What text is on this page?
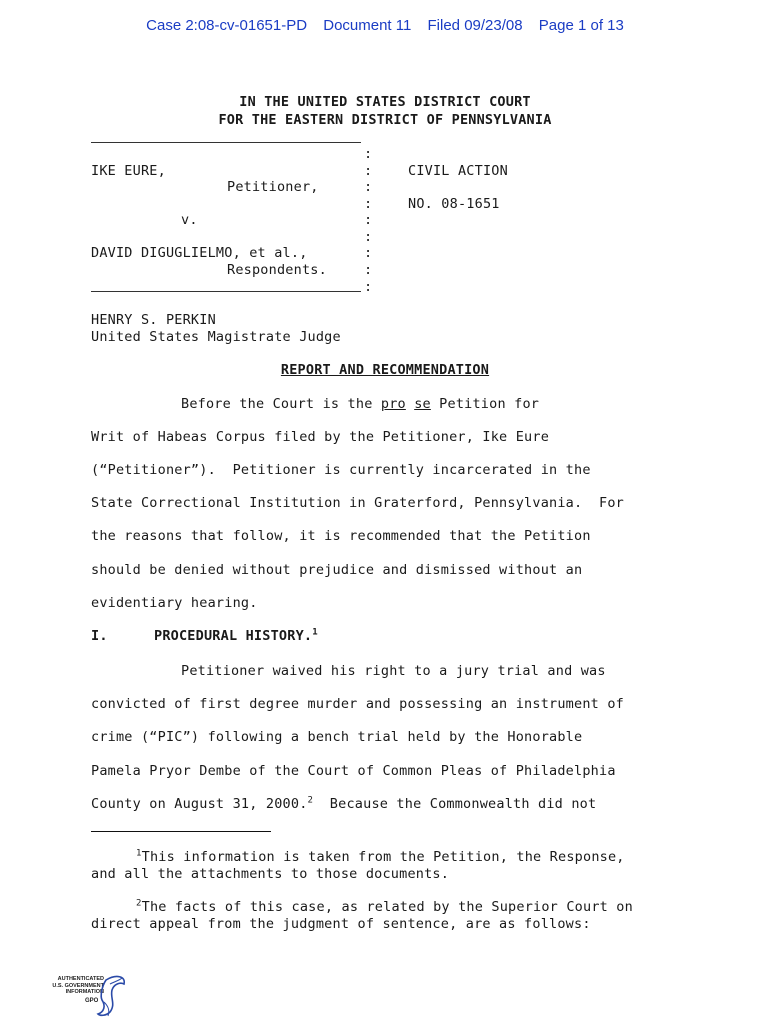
Case 2:08-cv-01651-PD Document 11 Filed 09/23/08 Page 1 of 13
IN THE UNITED STATES DISTRICT COURT
FOR THE EASTERN DISTRICT OF PENNSYLVANIA
:
:
:
:
:
:
:
:
:
IKE EURE,
Petitioner,
v.
DAVID DIGUGLIELMO, et al.,
Respondents.
CIVIL ACTION
NO. 08-1651
HENRY S. PERKIN
United States Magistrate Judge
REPORT AND RECOMMENDATION
Before the Court is the pro se Petition for
Writ of Habeas Corpus filed by the Petitioner, Ike Eure
(“Petitioner”).  Petitioner is currently incarcerated in the
State Correctional Institution in Graterford, Pennsylvania.  For
the reasons that follow, it is recommended that the Petition
should be denied without prejudice and dismissed without an
evidentiary hearing.
I.	PROCEDURAL HISTORY.$^1$
Petitioner waived his right to a jury trial and was
convicted of first degree murder and possessing an instrument of
crime (“PIC”) following a bench trial held by the Honorable
Pamela Pryor Dembe of the Court of Common Pleas of Philadelphia
County on August 31, 2000.$^2$  Because the Commonwealth did not
$^1$This information is taken from the Petition, the Response,
and all the attachments to those documents.
$^2$The facts of this case, as related by the Superior Court on
direct appeal from the judgment of sentence, are as follows:
AUTHENTICATED
U.S. GOVERNMENT
INFORMATION
GPO
